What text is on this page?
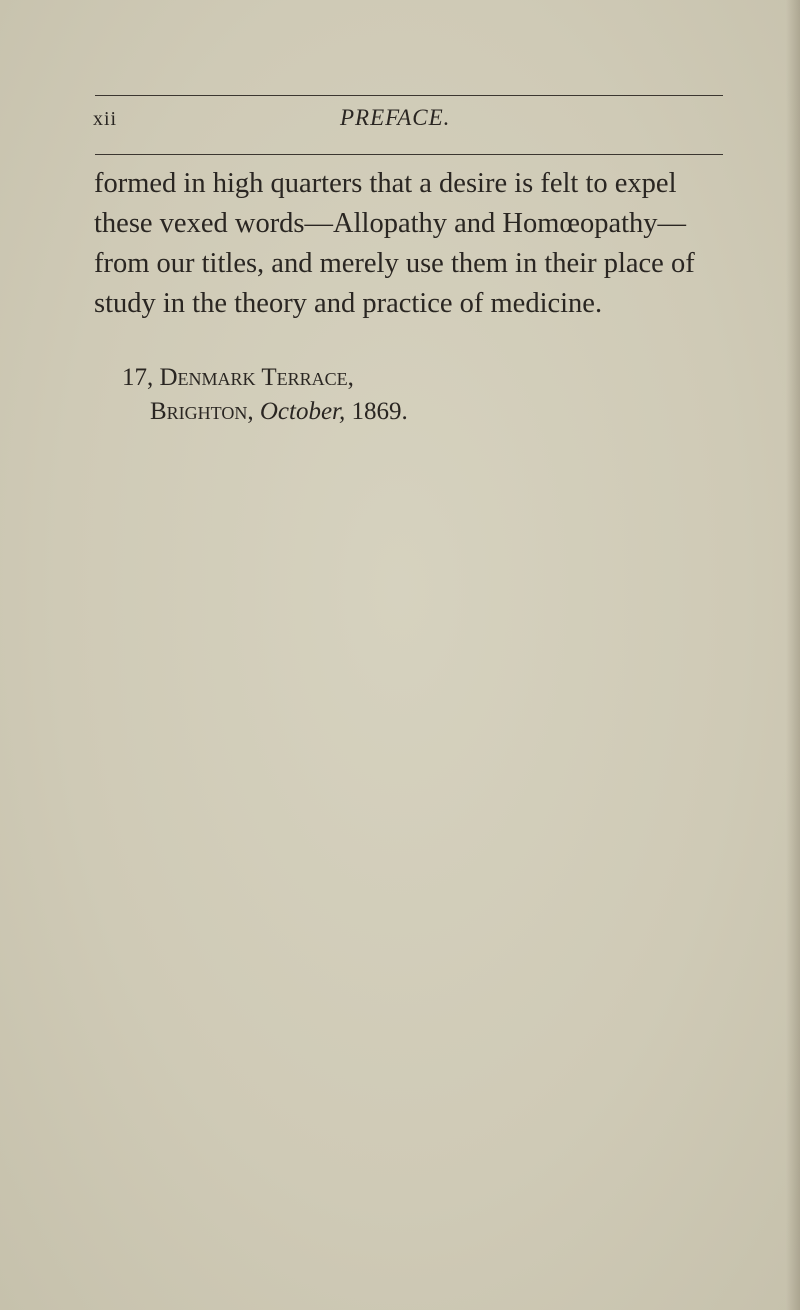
xii	PREFACE.
formed in high quarters that a desire is felt to expel
these vexed words—Allopathy and Homœopathy—
from our titles, and merely use them in their place of
study in the theory and practice of medicine.
17, Denmark Terrace,
Brighton, October, 1869.
